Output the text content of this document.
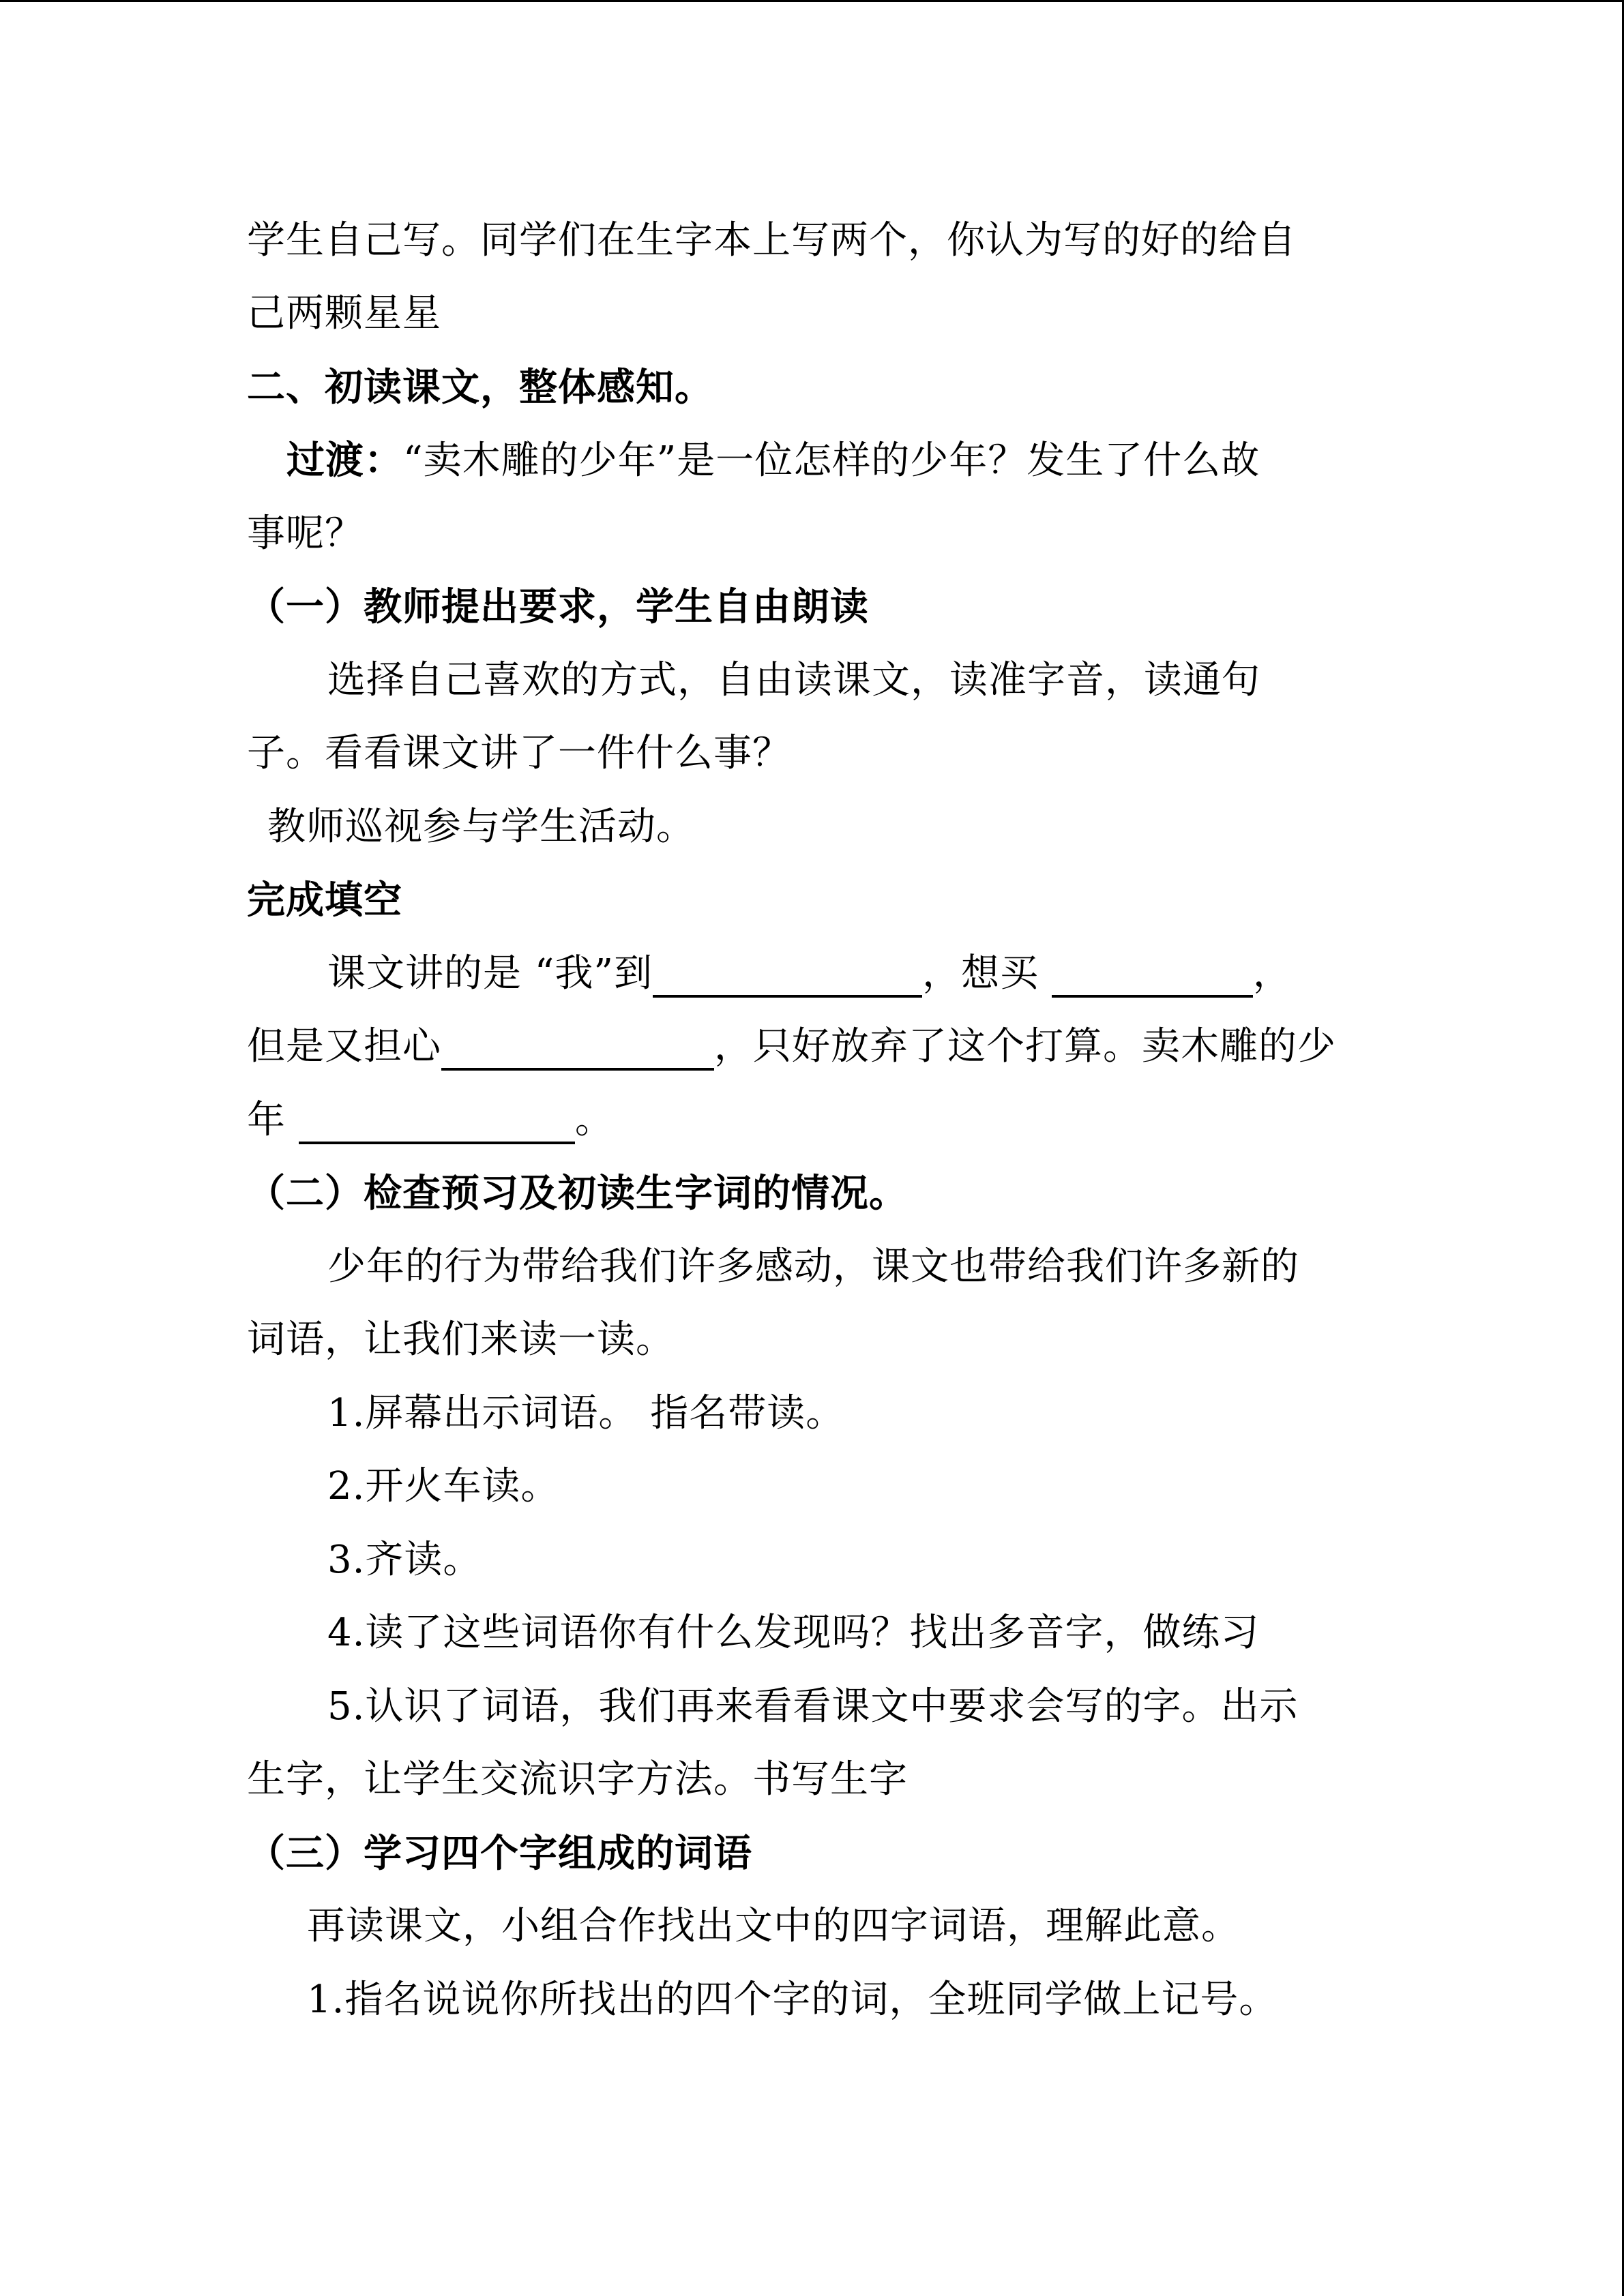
学生自己写。同学们在生字本上写两个，你认为写的好的给自
己两颗星星
二、初读课文，整体感知。
过渡：“卖木雕的少年”是一位怎样的少年？发生了什么故
事呢？
（一）教师提出要求，学生自由朗读
选择自己喜欢的方式，自由读课文，读准字音，读通句
子。看看课文讲了一件什么事？
教师巡视参与学生活动。
完成填空
课文讲的是 “我”到	，想买	，
但是又担心	，只好放弃了这个打算。卖木雕的少
年	。
（二）检查预习及初读生字词的情况。
少年的行为带给我们许多感动，课文也带给我们许多新的
词语，让我们来读一读。
1.屏幕出示词语。 指名带读。
2.开火车读。
3.齐读。
4.读了这些词语你有什么发现吗？找出多音字，做练习
5.认识了词语，我们再来看看课文中要求会写的字。出示
生字，让学生交流识字方法。书写生字
（三）学习四个字组成的词语
再读课文，小组合作找出文中的四字词语，理解此意。
1.指名说说你所找出的四个字的词，全班同学做上记号。
